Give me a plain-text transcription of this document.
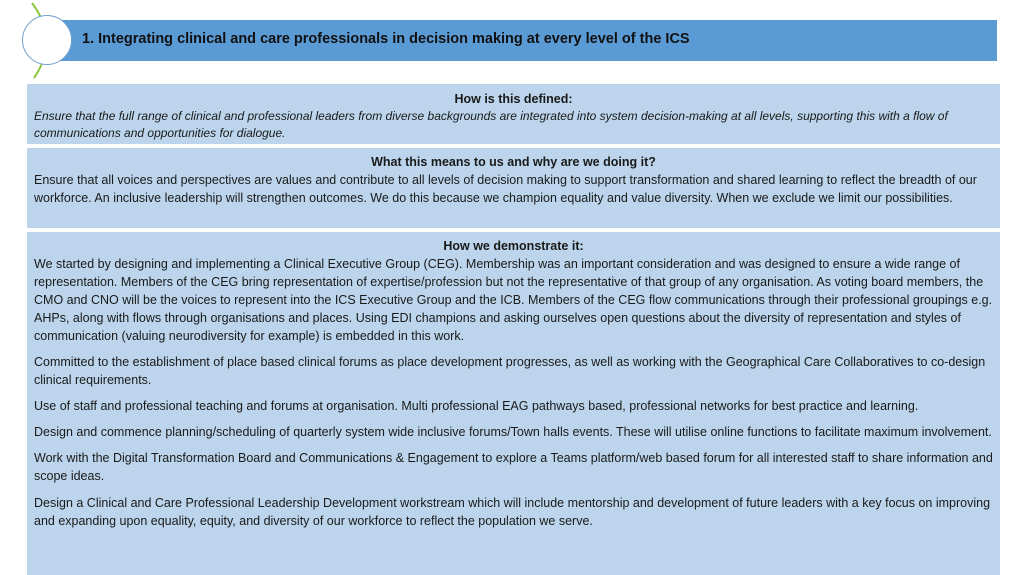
1. Integrating clinical and care professionals in decision making at every level of the ICS
How is this defined:
Ensure that the full range of clinical and professional leaders from diverse backgrounds are integrated into system decision-making at all levels, supporting this with a flow of communications and opportunities for dialogue.
What this means to us and why are we doing it?
Ensure that all voices and perspectives are values and contribute to all levels of decision making to support transformation and shared learning to reflect the breadth of our workforce. An inclusive leadership will strengthen outcomes. We do this because we champion equality and value diversity. When we exclude we limit our possibilities.
How we demonstrate it:
We started by designing and implementing a Clinical Executive Group (CEG). Membership was an important consideration and was designed to ensure a wide range of representation. Members of the CEG bring representation of expertise/profession but not the representative of that group of any organisation. As voting board members, the CMO and CNO will be the voices to represent into the ICS Executive Group and the ICB. Members of the CEG flow communications through their professional groupings e.g. AHPs, along with flows through organisations and places. Using EDI champions and asking ourselves open questions about the diversity of representation and styles of communication (valuing neurodiversity for example) is embedded in this work.
Committed to the establishment of place based clinical forums as place development progresses, as well as working with the Geographical Care Collaboratives to co-design clinical requirements.
Use of staff and professional teaching and forums at organisation. Multi professional EAG pathways based, professional networks for best practice and learning.
Design and commence planning/scheduling of quarterly system wide inclusive forums/Town halls events. These will utilise online functions to facilitate maximum involvement.
Work with the Digital Transformation Board and Communications & Engagement to explore a Teams platform/web based forum for all interested staff to share information and scope ideas.
Design a Clinical and Care Professional Leadership Development workstream which will include mentorship and development of future leaders with a key focus on improving and expanding upon equality, equity, and diversity of our workforce to reflect the population we serve.
